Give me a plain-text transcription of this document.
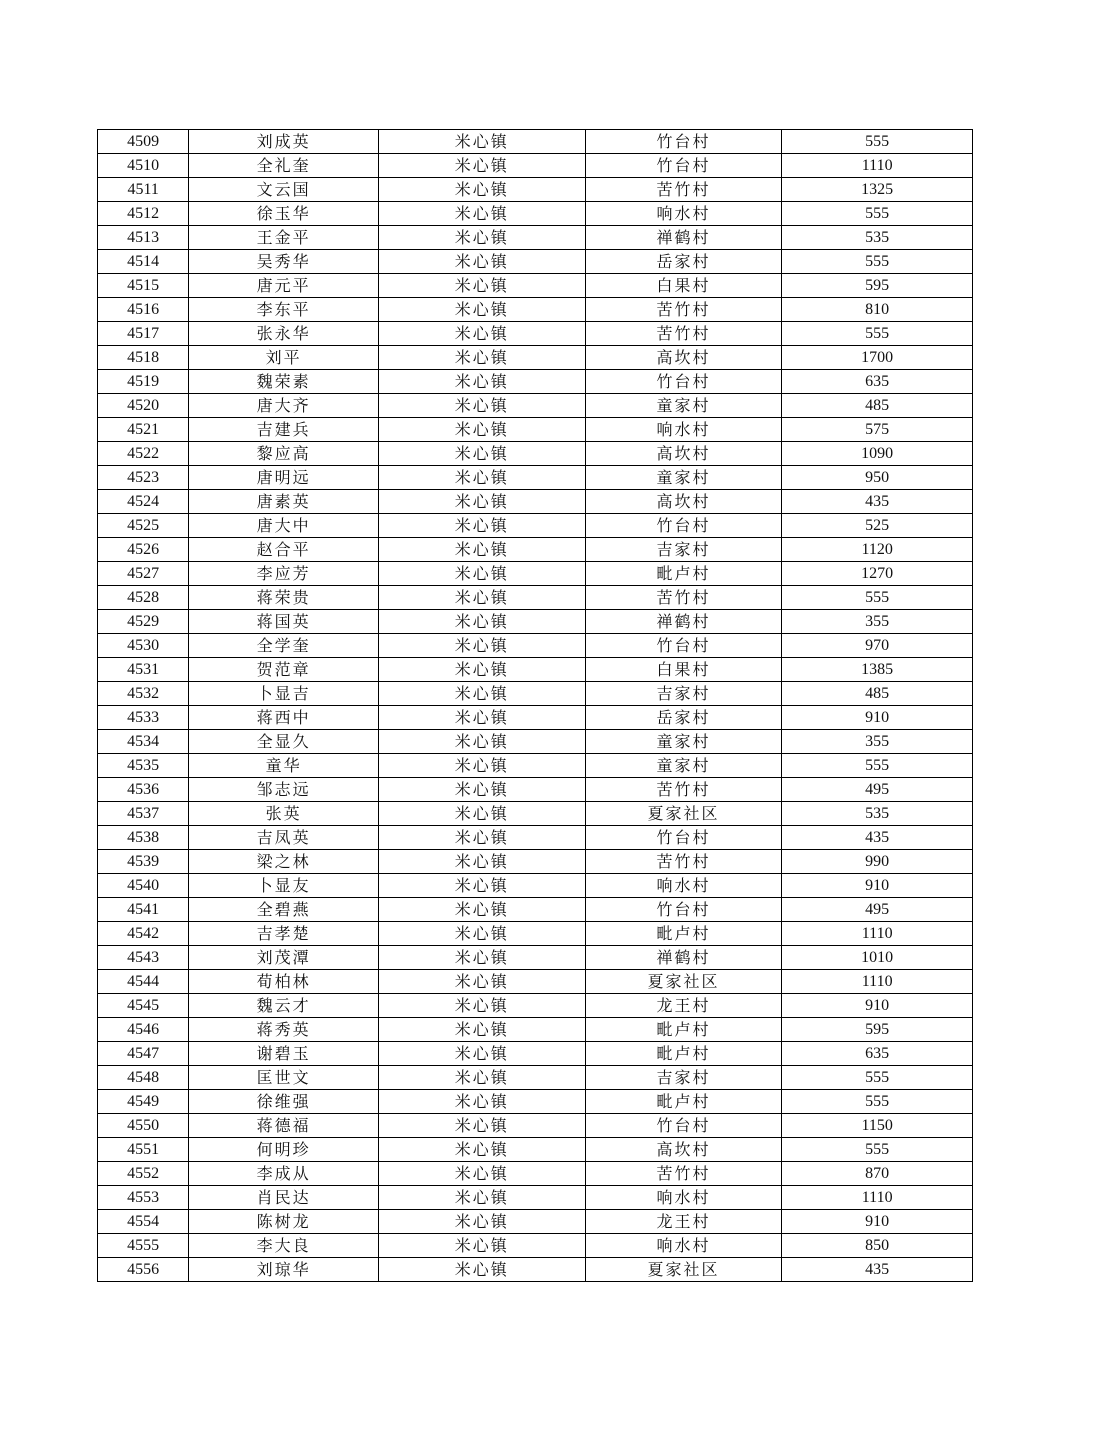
4509	刘成英	米心镇	竹台村	555
4510	全礼奎	米心镇	竹台村	1110
4511	文云国	米心镇	苦竹村	1325
4512	徐玉华	米心镇	响水村	555
4513	王金平	米心镇	禅鹤村	535
4514	吴秀华	米心镇	岳家村	555
4515	唐元平	米心镇	白果村	595
4516	李东平	米心镇	苦竹村	810
4517	张永华	米心镇	苦竹村	555
4518	刘平	米心镇	高坎村	1700
4519	魏荣素	米心镇	竹台村	635
4520	唐大齐	米心镇	童家村	485
4521	吉建兵	米心镇	响水村	575
4522	黎应高	米心镇	高坎村	1090
4523	唐明远	米心镇	童家村	950
4524	唐素英	米心镇	高坎村	435
4525	唐大中	米心镇	竹台村	525
4526	赵合平	米心镇	吉家村	1120
4527	李应芳	米心镇	毗卢村	1270
4528	蒋荣贵	米心镇	苦竹村	555
4529	蒋国英	米心镇	禅鹤村	355
4530	全学奎	米心镇	竹台村	970
4531	贺范章	米心镇	白果村	1385
4532	卜显吉	米心镇	吉家村	485
4533	蒋西中	米心镇	岳家村	910
4534	全显久	米心镇	童家村	355
4535	童华	米心镇	童家村	555
4536	邹志远	米心镇	苦竹村	495
4537	张英	米心镇	夏家社区	535
4538	吉凤英	米心镇	竹台村	435
4539	梁之林	米心镇	苦竹村	990
4540	卜显友	米心镇	响水村	910
4541	全碧燕	米心镇	竹台村	495
4542	吉孝楚	米心镇	毗卢村	1110
4543	刘茂潭	米心镇	禅鹤村	1010
4544	荀柏林	米心镇	夏家社区	1110
4545	魏云才	米心镇	龙王村	910
4546	蒋秀英	米心镇	毗卢村	595
4547	谢碧玉	米心镇	毗卢村	635
4548	匡世文	米心镇	吉家村	555
4549	徐维强	米心镇	毗卢村	555
4550	蒋德福	米心镇	竹台村	1150
4551	何明珍	米心镇	高坎村	555
4552	李成从	米心镇	苦竹村	870
4553	肖民达	米心镇	响水村	1110
4554	陈树龙	米心镇	龙王村	910
4555	李大良	米心镇	响水村	850
4556	刘琼华	米心镇	夏家社区	435
